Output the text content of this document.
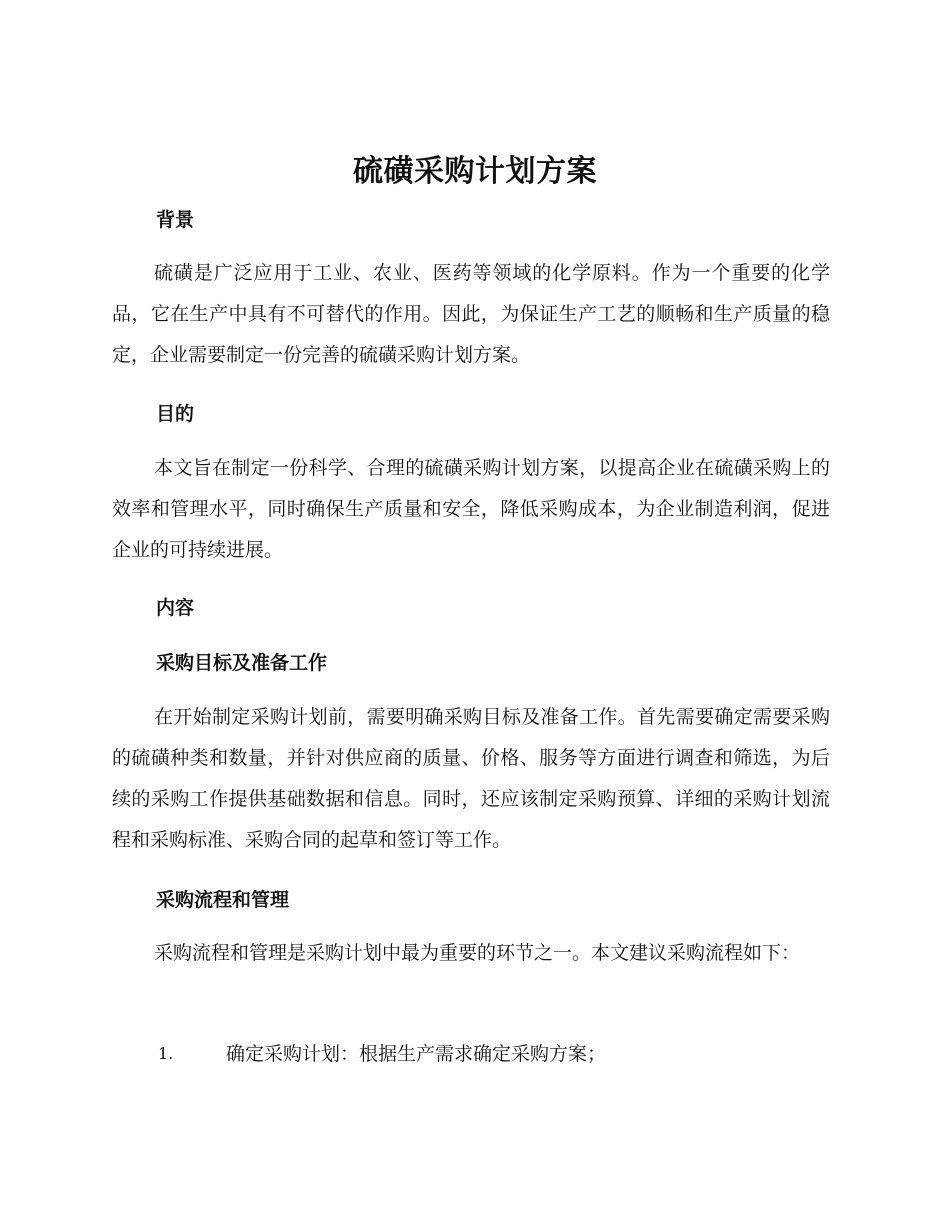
硫磺采购计划方案
背景

硫磺是广泛应用于工业、农业、医药等领域的化学原料。作为一个重要的化学品，它在生产中具有不可替代的作用。因此，为保证生产工艺的顺畅和生产质量的稳定，企业需要制定一份完善的硫磺采购计划方案。

目的

本文旨在制定一份科学、合理的硫磺采购计划方案，以提高企业在硫磺采购上的效率和管理水平，同时确保生产质量和安全，降低采购成本，为企业制造利润，促进企业的可持续进展。

内容
采购目标及准备工作

在开始制定采购计划前，需要明确采购目标及准备工作。首先需要确定需要采购的硫磺种类和数量，并针对供应商的质量、价格、服务等方面进行调查和筛选，为后续的采购工作提供基础数据和信息。同时，还应该制定采购预算、详细的采购计划流程和采购标准、采购合同的起草和签订等工作。

采购流程和管理

采购流程和管理是采购计划中最为重要的环节之一。本文建议采购流程如下：

1.	确定采购计划：根据生产需求确定采购方案；
